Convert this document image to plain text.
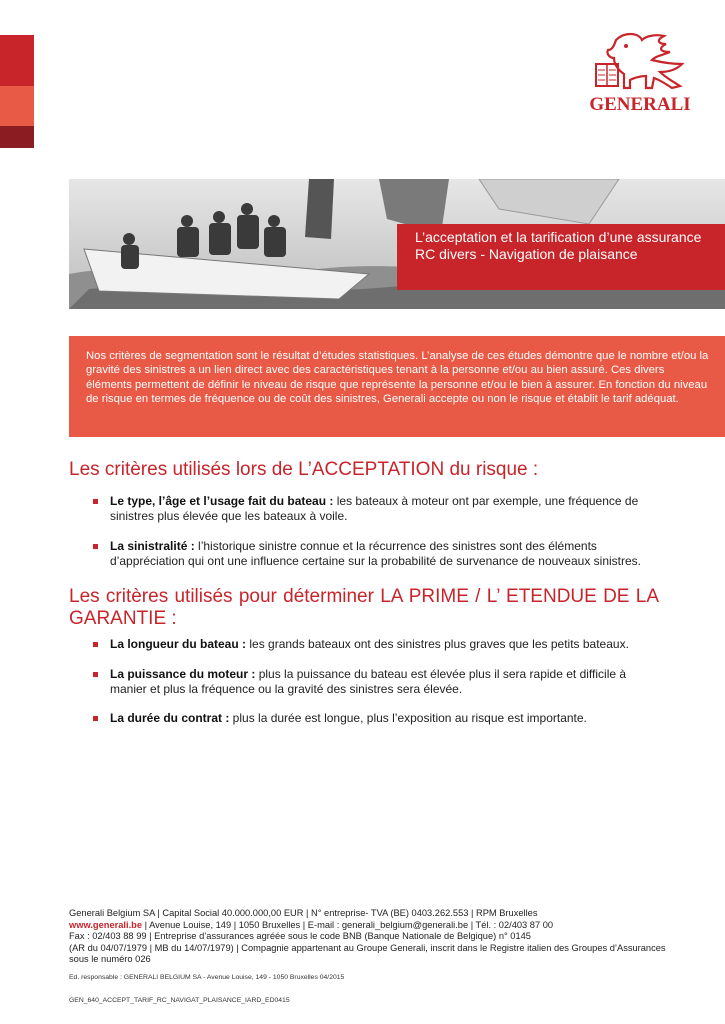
GENERALI
L’acceptation et la tarification d’une assurance RC divers - Navigation de plaisance
Nos critères de segmentation sont le résultat d’études statistiques. L’analyse de ces études démontre que le nombre et/ou la gravité des sinistres a un lien direct avec des caractéristiques tenant à la personne et/ou au bien assuré. Ces divers éléments permettent de définir le niveau de risque que représente la personne et/ou le bien à assurer. En fonction du niveau de risque en termes de fréquence ou de coût des sinistres, Generali accepte ou non le risque et établit le tarif adéquat.
Les critères utilisés lors de L’ACCEPTATION du risque :
Le type, l’âge et l’usage fait du bateau : les bateaux à moteur ont par exemple, une fréquence de sinistres plus élevée que les bateaux à voile.
La sinistralité : l’historique sinistre connue et la récurrence des sinistres sont des éléments d’appréciation qui ont une influence certaine sur la probabilité de survenance de nouveaux sinistres.
Les critères utilisés pour déterminer LA PRIME / L’ ETENDUE DE LA GARANTIE :
La longueur du bateau : les grands bateaux ont des sinistres plus graves que les petits bateaux.
La puissance du moteur : plus la puissance du bateau est élevée plus il sera rapide et difficile à manier et plus la fréquence ou la gravité des sinistres sera élevée.
La durée du contrat : plus la durée est longue, plus l’exposition au risque est importante.
Generali Belgium SA | Capital Social 40.000.000,00 EUR | N° entreprise- TVA (BE) 0403.262.553 | RPM Bruxelles
www.generali.be | Avenue Louise, 149 | 1050 Bruxelles | E-mail : generali_belgium@generali.be | Tél. : 02/403 87 00
Fax : 02/403 88 99 | Entreprise d’assurances agréée sous le code BNB (Banque Nationale de Belgique) n° 0145
(AR du 04/07/1979 | MB du 14/07/1979) | Compagnie appartenant au Groupe Generali, inscrit dans le Registre italien des Groupes d’Assurances sous le numéro 026
Ed. responsable : GENERALI BELGIUM SA - Avenue Louise, 149 - 1050 Bruxelles 04/2015
GEN_640_ACCEPT_TARIF_RC_NAVIGAT_PLAISANCE_IARD_ED0415
